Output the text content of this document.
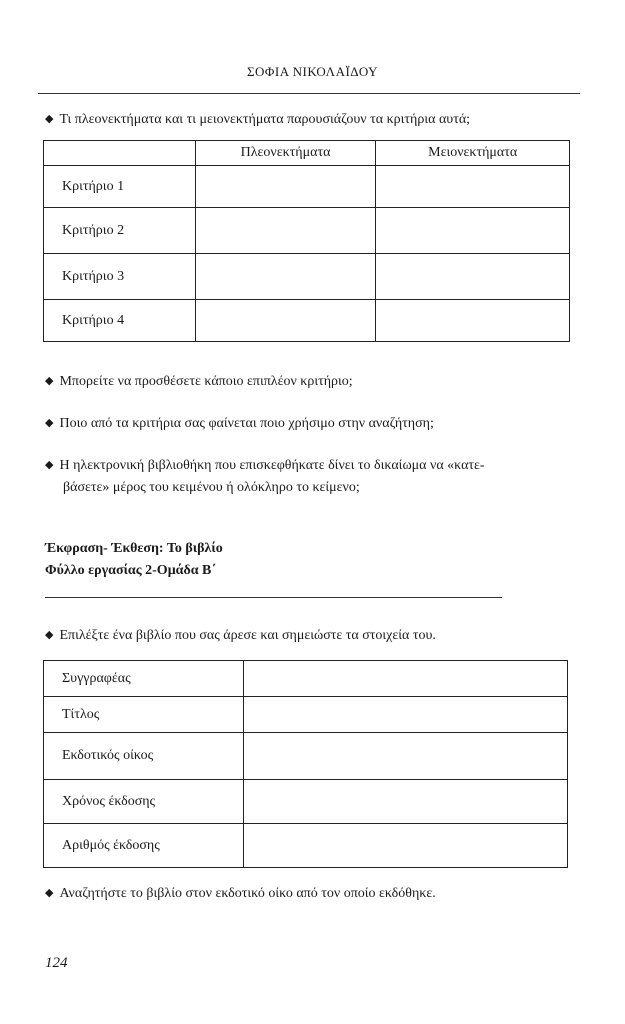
ΣΟΦΙΑ ΝΙΚΟΛΑΪΔΟΥ
◆ Τι πλεονεκτήματα και τι μειονεκτήματα παρουσιάζουν τα κριτήρια αυτά;
	Πλεονεκτήματα	Μειονεκτήματα
Κριτήριο 1		
Κριτήριο 2		
Κριτήριο 3		
Κριτήριο 4		
◆ Μπορείτε να προσθέσετε κάποιο επιπλέον κριτήριο;
◆ Ποιο από τα κριτήρια σας φαίνεται ποιο χρήσιμο στην αναζήτηση;
◆ Η ηλεκτρονική βιβλιοθήκη που επισκεφθήκατε δίνει το δικαίωμα να «κατε-
βάσετε» μέρος του κειμένου ή ολόκληρο το κείμενο;
Έκφραση- Έκθεση: Το βιβλίο
Φύλλο εργασίας 2-Ομάδα Β΄
◆ Επιλέξτε ένα βιβλίο που σας άρεσε και σημειώστε τα στοιχεία του.
Συγγραφέας	
Τίτλος	
Εκδοτικός οίκος	
Χρόνος έκδοσης	
Αριθμός έκδοσης	
◆ Αναζητήστε το βιβλίο στον εκδοτικό οίκο από τον οποίο εκδόθηκε.
124
